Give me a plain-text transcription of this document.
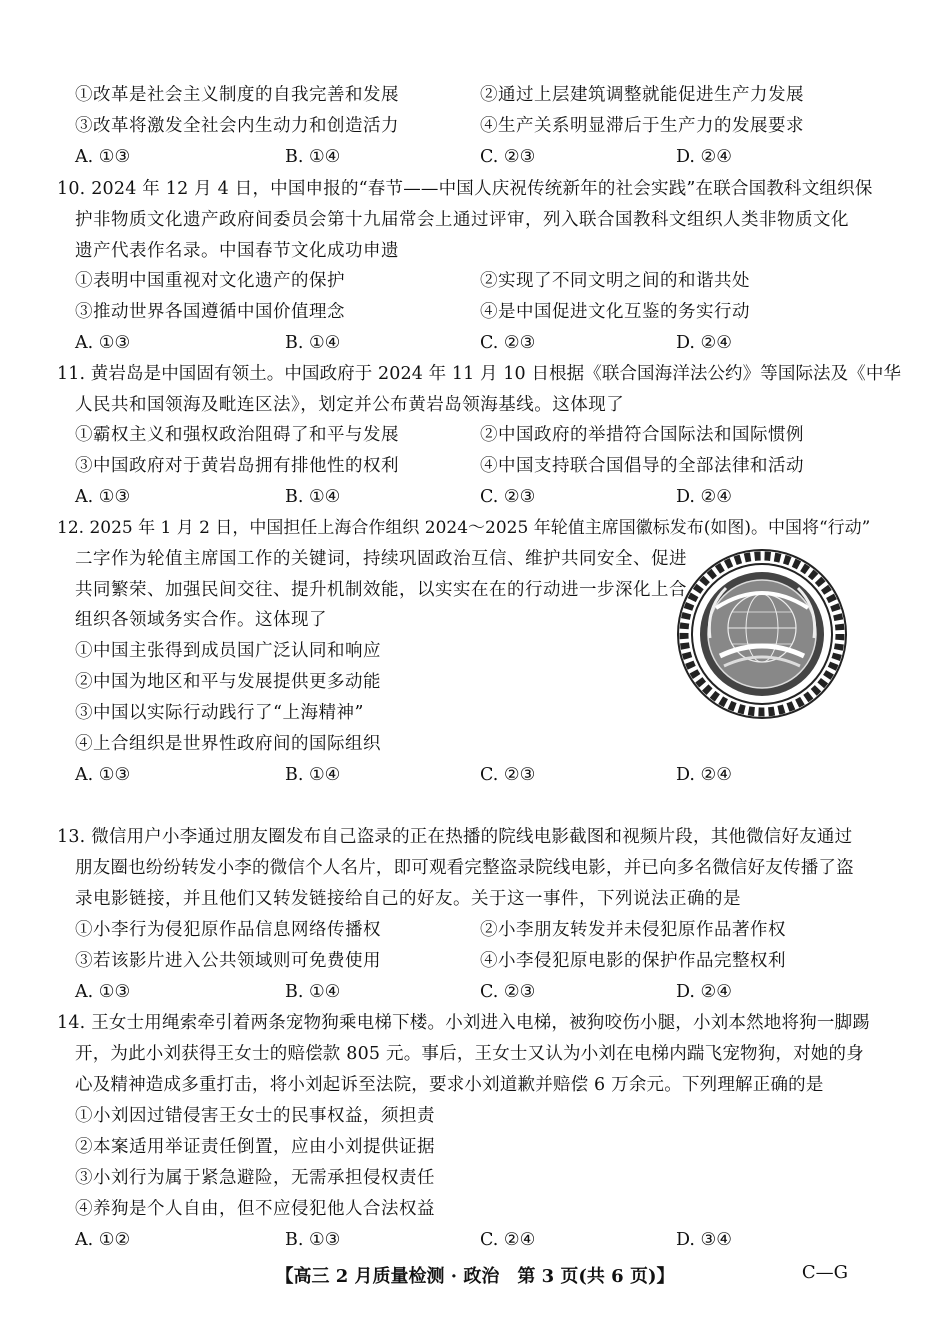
①改革是社会主义制度的自我完善和发展	②通过上层建筑调整就能促进生产力发展
③改革将激发全社会内生动力和创造活力	④生产关系明显滞后于生产力的发展要求
A. ①③	B. ①④	C. ②③	D. ②④
10. 2024 年 12 月 4 日，中国申报的“春节——中国人庆祝传统新年的社会实践”在联合国教科文组织保
护非物质文化遗产政府间委员会第十九届常会上通过评审，列入联合国教科文组织人类非物质文化
遗产代表作名录。中国春节文化成功申遗
①表明中国重视对文化遗产的保护	②实现了不同文明之间的和谐共处
③推动世界各国遵循中国价值理念	④是中国促进文化互鉴的务实行动
A. ①③	B. ①④	C. ②③	D. ②④
11. 黄岩岛是中国固有领土。中国政府于 2024 年 11 月 10 日根据《联合国海洋法公约》等国际法及《中华
人民共和国领海及毗连区法》，划定并公布黄岩岛领海基线。这体现了
①霸权主义和强权政治阻碍了和平与发展	②中国政府的举措符合国际法和国际惯例
③中国政府对于黄岩岛拥有排他性的权利	④中国支持联合国倡导的全部法律和活动
A. ①③	B. ①④	C. ②③	D. ②④
12. 2025 年 1 月 2 日，中国担任上海合作组织 2024～2025 年轮值主席国徽标发布(如图)。中国将“行动”
二字作为轮值主席国工作的关键词，持续巩固政治互信、维护共同安全、促进
共同繁荣、加强民间交往、提升机制效能，以实实在在的行动进一步深化上合
组织各领域务实合作。这体现了
①中国主张得到成员国广泛认同和响应
②中国为地区和平与发展提供更多动能
③中国以实际行动践行了“上海精神”
④上合组织是世界性政府间的国际组织
A. ①③	B. ①④	C. ②③	D. ②④
13. 微信用户小李通过朋友圈发布自己盗录的正在热播的院线电影截图和视频片段，其他微信好友通过
朋友圈也纷纷转发小李的微信个人名片，即可观看完整盗录院线电影，并已向多名微信好友传播了盗
录电影链接，并且他们又转发链接给自己的好友。关于这一事件，下列说法正确的是
①小李行为侵犯原作品信息网络传播权	②小李朋友转发并未侵犯原作品著作权
③若该影片进入公共领域则可免费使用	④小李侵犯原电影的保护作品完整权利
A. ①③	B. ①④	C. ②③	D. ②④
14. 王女士用绳索牵引着两条宠物狗乘电梯下楼。小刘进入电梯，被狗咬伤小腿，小刘本然地将狗一脚踢
开，为此小刘获得王女士的赔偿款 805 元。事后，王女士又认为小刘在电梯内踹飞宠物狗，对她的身
心及精神造成多重打击，将小刘起诉至法院，要求小刘道歉并赔偿 6 万余元。下列理解正确的是
①小刘因过错侵害王女士的民事权益，须担责
②本案适用举证责任倒置，应由小刘提供证据
③小刘行为属于紧急避险，无需承担侵权责任
④养狗是个人自由，但不应侵犯他人合法权益
A. ①②	B. ①③	C. ②④	D. ③④
【高三 2 月质量检测 · 政治　第 3 页(共 6 页)】	C—G
